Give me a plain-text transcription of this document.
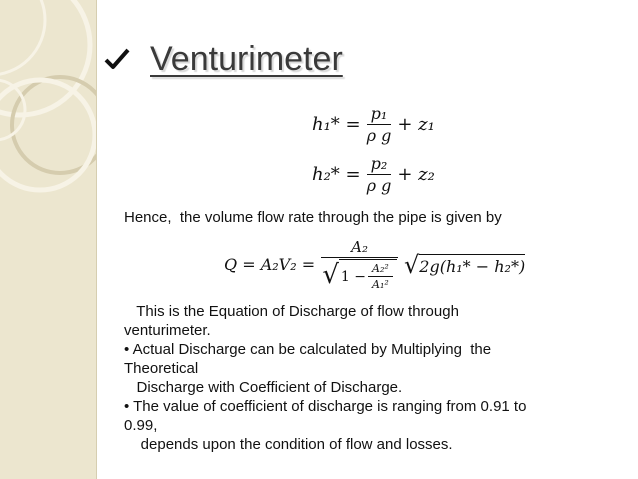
Venturimeter
$h_1* = \frac{\text{p₁}}{\text{ρ g}} + z_1$
$h_2* = \frac{\text{p₂}}{\text{ρ g}} + z_2$
Hence,  the volume flow rate through the pipe is given by
$Q = A_2V_2 = \frac{\text{A₂}}{√ 1 - \frac{\text{A₂²}}{\text{A₁²}}}$ √ 2g(h₁* − h₂*)
This is the Equation of Discharge of flow through
venturimeter.
• Actual Discharge can be calculated by Multiplying  the
Theoretical
Discharge with Coefficient of Discharge.
• The value of coefficient of discharge is ranging from 0.91 to
0.99,
depends upon the condition of flow and losses.
